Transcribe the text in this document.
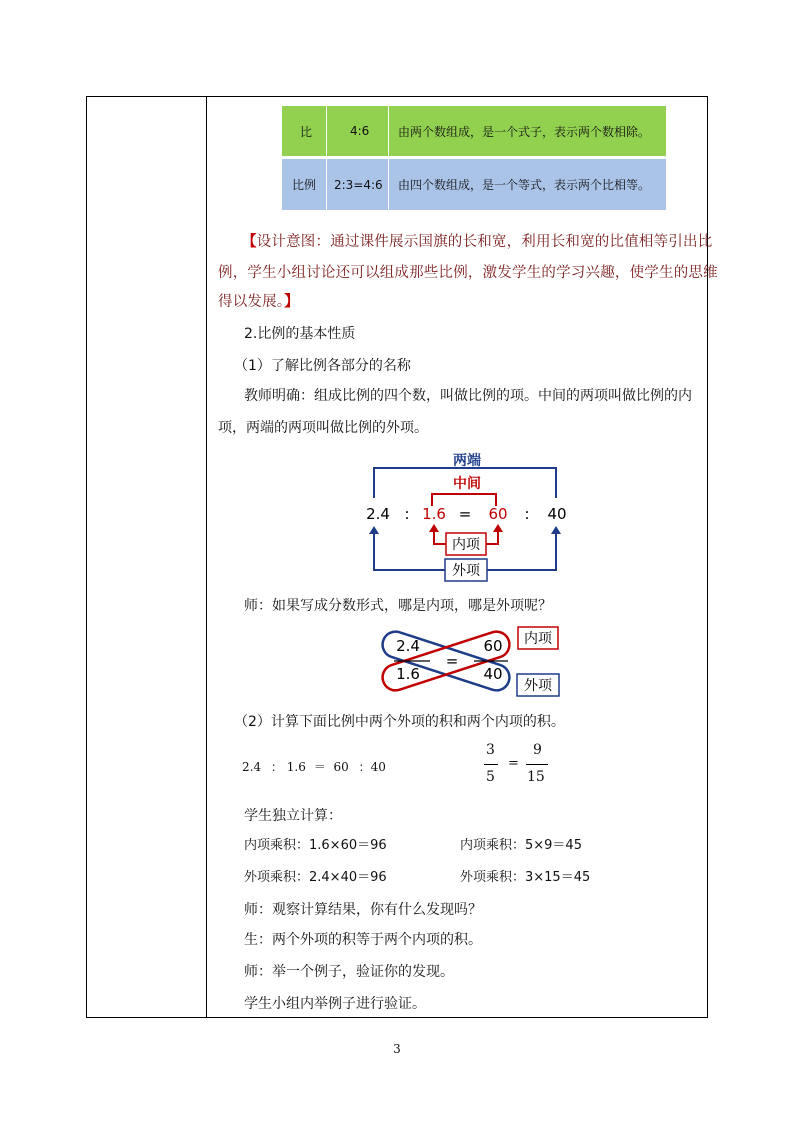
比	4:6 由两个数组成，是一个式子，表示两个数相除。
比例 2:3=4:6 由四个数组成，是一个等式，表示两个比相等。
【设计意图：通过课件展示国旗的长和宽，利用长和宽的比值相等引出比
例，学生小组讨论还可以组成那些比例，激发学生的学习兴趣，使学生的思维
得以发展。】
2.比例的基本性质
（1）了解比例各部分的名称
教师明确：组成比例的四个数，叫做比例的项。中间的两项叫做比例的内
项，两端的两项叫做比例的外项。
两端
中间
2.4 : 1.6 = 60 : 40
内项
外项
师：如果写成分数形式，哪是内项，哪是外项呢？
2.4	60
1.6	40
=
内项
外项
（2）计算下面比例中两个外项的积和两个内项的积。
2.4 ： 1.6 ＝ 60 ：40
3
5
=
9
15
学生独立计算：
内项乘积：1.6×60＝96	内项乘积：5×9＝45
外项乘积：2.4×40＝96	外项乘积：3×15＝45
师：观察计算结果，你有什么发现吗？
生：两个外项的积等于两个内项的积。
师：举一个例子，验证你的发现。
学生小组内举例子进行验证。
3
